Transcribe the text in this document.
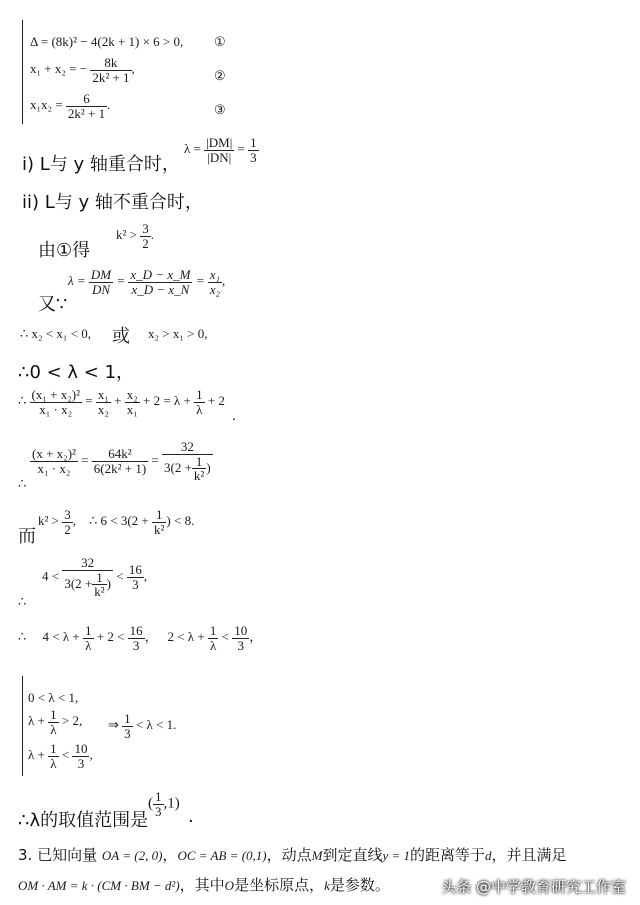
Δ = (8k)² − 4(2k + 1) × 6 > 0, ①
x₁ + x₂ = − $\frac{8k}{\text{2k² + 1}}$ ,	②
$x_1x_2 = \frac{6}{\text{2k² + 1}}$ .	③
i) L与 y 轴重合时，
$\lambda = \frac{|DM|}{|DN|} = \frac{1}{3}$
ii) L与 y 轴不重合时，
由①得
$k^2 > \frac{3}{2}$ .
又∵
$\lambda = \frac{DM}{DN} = \frac{x\_D - x\_M}{x\_D - x\_N} = \frac{\text{x₁}}{\text{x₂}}$ ,
∴ x₂ < x₁ < 0, 或 x₂ > x₁ > 0,
∴0 < λ < 1，
∴ $\frac{\text{(x₁ + x₂)²}}{\text{x₁ · x₂}} = \frac{\text{x₁}}{\text{x₂}} + \frac{\text{x₂}}{\text{x₁}} + 2 = \lambda + \frac{1}{\lambda} + 2$
.
$\frac{\text{(x + x₂)²}}{\text{x₁ · x₂}} = \frac{\text{64k²}}{\text{6(2k² + 1)}} = \frac{32}{3(2 + \frac{1}{\text{k²}} )}$
∴
而
$k^2 > \frac{3}{2}$ , ∴ $6 < 3(2 + \frac{1}{\text{k²}}$ ) < 8.
$4 < \frac{32}{3(2 + \frac{1}{\text{k²}} )} < \frac{16}{3}$ ,
∴
∴ $4 < \lambda + \frac{1}{\lambda} + 2 < \frac{16}{3}$ ， $2 < \lambda + \frac{1}{\lambda} < \frac{10}{3}$ ，
0 < λ < 1,
$\lambda + \frac{1}{\lambda} > 2$,
$\lambda + \frac{1}{\lambda} < \frac{10}{3}$ ,
⇒ $\frac{1}{3} < \lambda < 1$.
∴λ的取值范围是
( $\frac{1}{3} ,1$)
.
3. 已知向量 OA = (2, 0)，OC = AB = (0,1)，动点M到定直线y = 1的距离等于d，并且满足
OM · AM = k · (CM · BM − d²)，其中O是坐标原点，k是参数。	头条 @中学教育研究工作室
